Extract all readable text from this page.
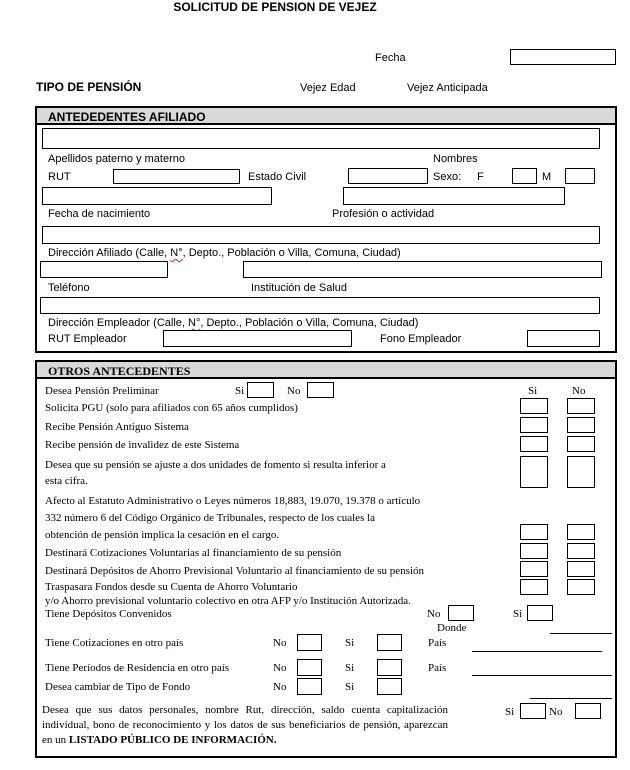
SOLICITUD DE PENSION DE VEJEZ
Fecha
TIPO DE PENSIÓN	Vejez Edad	Vejez Anticipada
ANTEDEDENTES AFILIADO
Apellidos paterno y materno	Nombres
RUT	Estado Civil	Sexo: F	M
Fecha de nacimiento	Profesión o actividad
Dirección Afiliado (Calle, N°, Depto., Población o Villa, Comuna, Ciudad)
Teléfono	Institución de Salud
Dirección Empleador (Calle, N°, Depto., Población o Villa, Comuna, Ciudad)
RUT Empleador	Fono Empleador
OTROS ANTECEDENTES
Desea Pensión Preliminar	Si	No	Si	No
Solicita PGU (solo para afiliados con 65 años cumplidos)
Recibe Pensión Antiguo Sistema
Recibe pensión de invalidez de este Sistema
Desea que su pensión se ajuste a dos unidades de fomento si resulta inferior a
esta cifra.
Afecto al Estatuto Administrativo o Leyes números 18,883, 19.070, 19.378 o artículo
332 número 6 del Código Orgánico de Tribunales, respecto de los cuales la
obtención de pensión implica la cesación en el cargo.
Destinará Cotizaciones Voluntarias al financiamiento de su pensión
Destinará Depósitos de Ahorro Previsional Voluntario al financiamiento de su pensión
Traspasara Fondos desde su Cuenta de Ahorro Voluntario
y/o Ahorro previsional voluntario colectivo en otra AFP y/o Institución Autorizada.
Tiene Depósitos Convenidos	No	Si
Donde
Tiene Cotizaciones en otro país	No	Si	País
Tiene Períodos de Residencia en otro país	No	Si	País
Desea cambiar de Tipo de Fondo	No	Si
Desea que sus datos personales, nombre Rut, dirección, saldo cuenta capitalización
individual, bono de reconocimiento y los datos de sus beneficiarios de pensión, aparezcan
en un LISTADO PÚBLICO DE INFORMACIÓN.
Si	No
